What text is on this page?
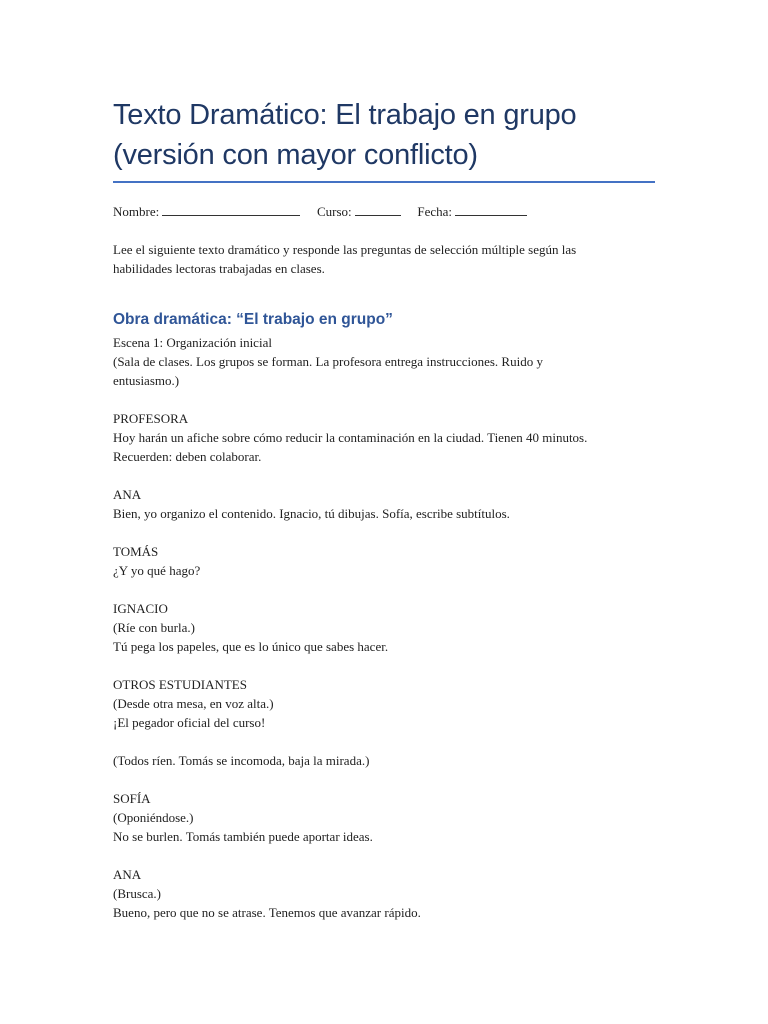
Texto Dramático: El trabajo en grupo
(versión con mayor conflicto)
Nombre:	Curso:	Fecha:
Lee el siguiente texto dramático y responde las preguntas de selección múltiple según las
habilidades lectoras trabajadas en clases.
Obra dramática: “El trabajo en grupo”
Escena 1: Organización inicial
(Sala de clases. Los grupos se forman. La profesora entrega instrucciones. Ruido y
entusiasmo.)
PROFESORA
Hoy harán un afiche sobre cómo reducir la contaminación en la ciudad. Tienen 40 minutos.
Recuerden: deben colaborar.
ANA
Bien, yo organizo el contenido. Ignacio, tú dibujas. Sofía, escribe subtítulos.
TOMÁS
¿Y yo qué hago?
IGNACIO
(Ríe con burla.)
Tú pega los papeles, que es lo único que sabes hacer.
OTROS ESTUDIANTES
(Desde otra mesa, en voz alta.)
¡El pegador oficial del curso!
(Todos ríen. Tomás se incomoda, baja la mirada.)
SOFÍA
(Oponiéndose.)
No se burlen. Tomás también puede aportar ideas.
ANA
(Brusca.)
Bueno, pero que no se atrase. Tenemos que avanzar rápido.
